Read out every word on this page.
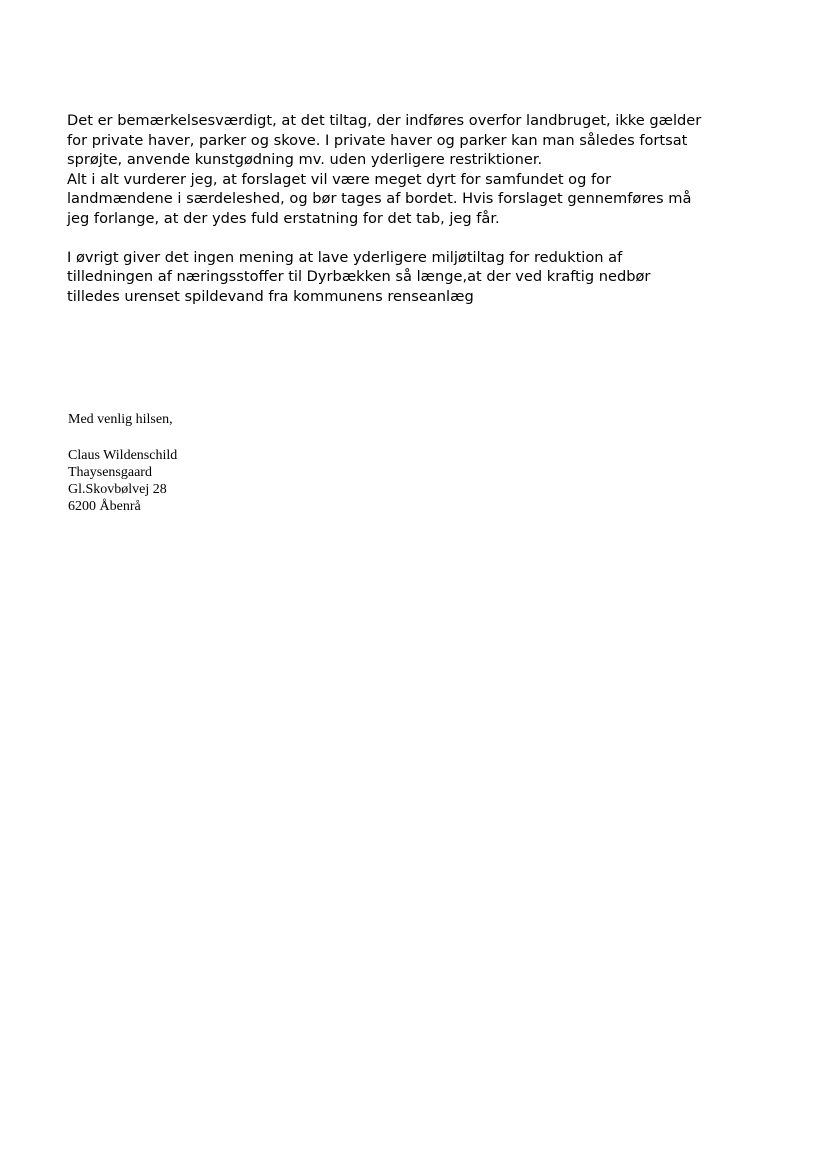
Det er bemærkelsesværdigt, at det tiltag, der indføres overfor landbruget, ikke gælder
for private haver, parker og skove. I private haver og parker kan man således fortsat
sprøjte, anvende kunstgødning mv. uden yderligere restriktioner.
Alt i alt vurderer jeg, at forslaget vil være meget dyrt for samfundet og for
landmændene i særdeleshed, og bør tages af bordet. Hvis forslaget gennemføres må
jeg forlange, at der ydes fuld erstatning for det tab, jeg får.
I øvrigt giver det ingen mening at lave yderligere miljøtiltag for reduktion af
tilledningen af næringsstoffer til Dyrbækken så længe,at der ved kraftig nedbør
tilledes urenset spildevand fra kommunens renseanlæg
Med venlig hilsen,
Claus Wildenschild
Thaysensgaard
Gl.Skovbølvej 28
6200 Åbenrå
